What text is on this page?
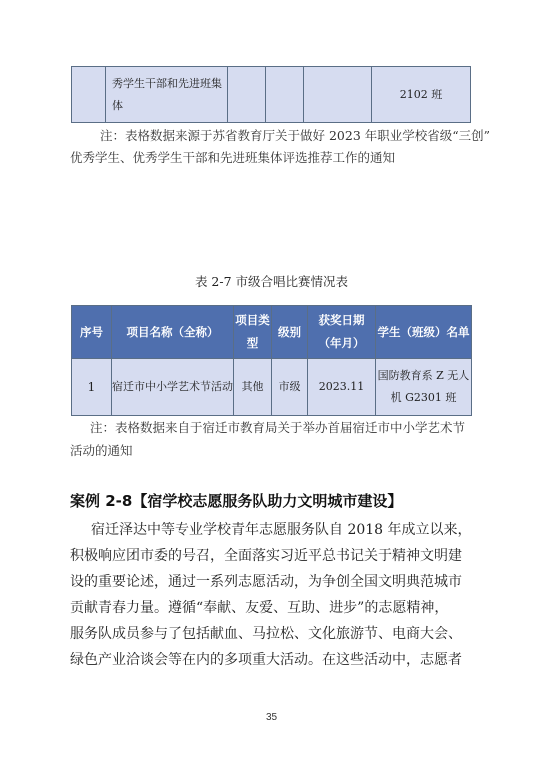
	秀学生干部和先进班集体				2102 班
注：表格数据来源于苏省教育厅关于做好 2023 年职业学校省级“三创”
优秀学生、优秀学生干部和先进班集体评选推荐工作的通知
表 2-7 市级合唱比赛情况表
序号	项目名称（全称）	项目类型	级别	获奖日期（年月）	学生（班级）名单
1	宿迁市中小学艺术节活动	其他	市级	2023.11	国防教育系 Z 无人机 G2301 班
注：表格数据来自于宿迁市教育局关于举办首届宿迁市中小学艺术节
活动的通知
案例 2-8【宿学校志愿服务队助力文明城市建设】
宿迁泽达中等专业学校青年志愿服务队自 2018 年成立以来，
积极响应团市委的号召，全面落实习近平总书记关于精神文明建
设的重要论述，通过一系列志愿活动，为争创全国文明典范城市
贡献青春力量。遵循“奉献、友爱、互助、进步”的志愿精神，
服务队成员参与了包括献血、马拉松、文化旅游节、电商大会、
绿色产业洽谈会等在内的多项重大活动。在这些活动中，志愿者
35
